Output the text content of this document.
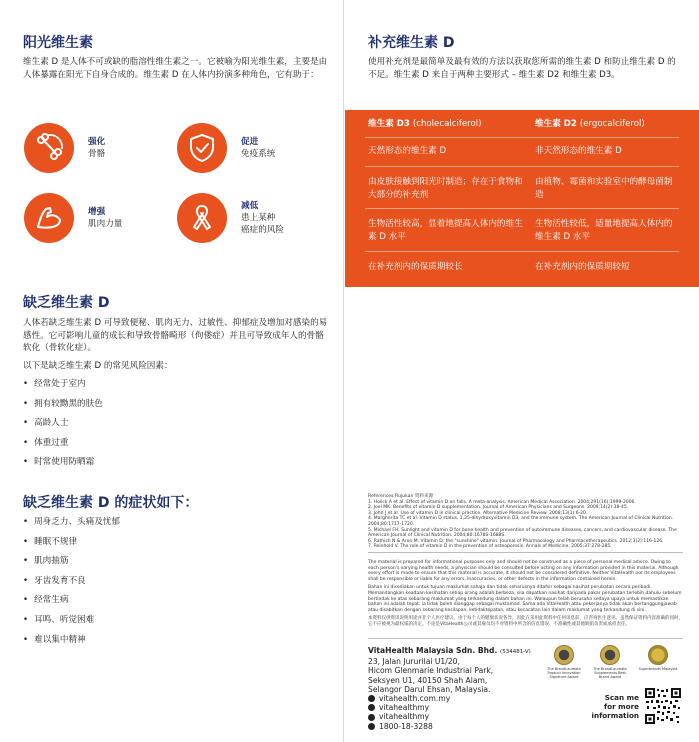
阳光维生素
维生素 D 是人体不可或缺的脂溶性维生素之一。它被喻为阳光维生素，主要是由人体暴露在阳光下自身合成的。维生素 D 在人体内扮演多种角色，它有助于：
强化
骨骼
促进
免疫系统
增强
肌肉力量
减低
患上某种
癌症的风险
缺乏维生素 D
人体若缺乏维生素 D 可导致便秘、肌肉无力、过敏性、抑郁症及增加对感染的易感性。它可影响儿童的成长和导致骨骼畸形（佝偻症）并且可导致成年人的骨骼软化（骨软化症）。
以下是缺乏维生素 D 的常见风险因素：
• 经常处于室内
• 拥有较黝黑的肤色
• 高龄人士
• 体重过重
• 时常使用防晒霜
缺乏维生素 D 的症状如下：
• 周身乏力、头痛及忧郁
• 睡眠不规律
• 肌肉抽筋
• 牙齿发育不良
• 经常生病
• 耳鸣、听觉困难
• 难以集中精神
补充维生素 D
使用补充剂是最简单及最有效的方法以获取您所需的维生素 D 和防止维生素 D 的不足。维生素 D 来自于两种主要形式 – 维生素 D2 和维生素 D3。
维生素 D3 (cholecalciferol)
天然形态的维生素 D
由皮肤接触到阳光时制造；存在于食物和大部分的补充剂
生物活性较高，显着地提高人体内的维生素 D 水平
在补充剂内的保质期较长
维生素 D2 (ergocalciferol)
非天然形态的维生素 D
由植物、霉菌和实验室中的酵母菌制造
生物活性较低，适量地提高人体内的维生素 D 水平
在补充剂内的保质期较短
References Rujukan 资料来源
1. Holick A et al. Effect of vitamin D on falls. A meta-analysis. American Medical Association. 2004;291(16):1999-2006.
2. Joel MK. Benefits of vitamin D supplementation. Journal of American Physicians and Surgeons. 2009;14(2):38-45.
3. John J et al. Use of vitamin D in clinical practice. Alternative Medicine Review. 2008;13(1):6-20.
4. Margherita TC et al. Vitamin D status, 1,25-dihydroxyvitamin D3, and the immune system. The American Journal of Clinical Nutrition. 2004;80:1717-1720.
5. Michael FH. Sunlight and vitamin D for bone health and prevention of autoimmune diseases, cancers, and cardiovascular disease. The American Journal of Clinical Nutrition. 2004;80:1678S-1688S.
6. Rathish N & Arun M. Vitamin D: the "sunshine" vitamin. Journal of Pharmacology and Pharmacotherapeutics. 2012;3(2):116-126.
7. Reinhold V. The role of vitamin D in the prevention of osteoporosis. Annals of Medicine. 2005;37:278-285.

The material is prepared for informational purposes only and should not be construed as a piece of personal medical advice. Owing to each person's varying health needs, a physician should be consulted before acting on any information provided in this material. Although every effort is made to ensure that this material is accurate, it should not be considered definitive. Neither VitaHealth nor its employees shall be responsible or liable for any errors, inaccuracies, or other defects in the information contained herein.

Bahan ini disediakan untuk tujuan maklumat sahaja dan tidak seharusnya ditafsir sebagai nasihat perubatan secara peribadi. Memandangkan keadaan kesihatan setiap orang adalah berbeza, sila dapatkan nasihat daripada pakar perubatan terlebih dahulu sebelum bertindak ke atas sebarang maklumat yang terkandung dalam bahan ini. Walaupun telah berusaha sedaya upaya untuk memastikan bahan ini adalah tepat, ia tidak boleh dianggap sebagai muktamad. Sama ada VitaHealth atau pekerjanya tidak akan bertanggungjawab atau disabitkan dengan sebarang kesilapan, ketidaktepatan, atau kecacatan lain dalam maklumat yang terkandung di sini.

本资料仅供资讯说明用途并非个人医疗建议。由于每个人的健康状况各异，因此在采用此资料中任何讯息前，应咨询医生意见。虽然保证资料内容准确的同时，它不应被视为最权威的决定。不论是VitaHealth公司或其雇员均不对资料中所含的信息错误、不准确性或其他缺陷负责或承担责任。

VitaHealth Malaysia Sdn. Bhd. (534481-V)
23, Jalan Jururilai U1/20,
Hicom Glenmarie Industrial Park,
Seksyen U1, 40150 Shah Alam,
Selangor Darul Ehsan, Malaysia.
vitahealth.com.my
vitahealthmy
vitahealthmy
1800-18-3288
The BrandLaureate Product Innovation Signature Award
The BrandLaureate Supplements Best Brand Award
Superbrands Malaysia
Scan me
for more
information
